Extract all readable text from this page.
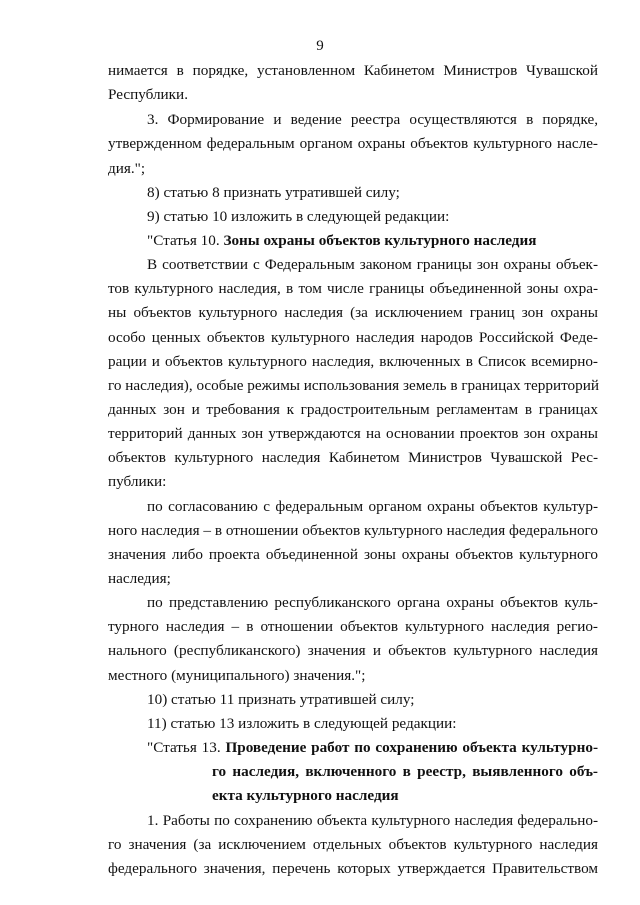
9
нимается в порядке, установленном Кабинетом Министров Чувашской
Республики.
3. Формирование и ведение реестра осуществляются в порядке,
утвержденном федеральным органом охраны объектов культурного насле-
дия.";
8) статью 8 признать утратившей силу;
9) статью 10 изложить в следующей редакции:
"Статья 10. Зоны охраны объектов культурного наследия
В соответствии с Федеральным законом границы зон охраны объек-
тов культурного наследия, в том числе границы объединенной зоны охра-
ны объектов культурного наследия (за исключением границ зон охраны
особо ценных объектов культурного наследия народов Российской Феде-
рации и объектов культурного наследия, включенных в Список всемирно-
го наследия), особые режимы использования земель в границах территорий
данных зон и требования к градостроительным регламентам в границах
территорий данных зон утверждаются на основании проектов зон охраны
объектов культурного наследия Кабинетом Министров Чувашской Рес-
публики:
по согласованию с федеральным органом охраны объектов культур-
ного наследия – в отношении объектов культурного наследия федерального
значения либо проекта объединенной зоны охраны объектов культурного
наследия;
по представлению республиканского органа охраны объектов куль-
турного наследия – в отношении объектов культурного наследия регио-
нального (республиканского) значения и объектов культурного наследия
местного (муниципального) значения.";
10) статью 11 признать утратившей силу;
11) статью 13 изложить в следующей редакции:
"Статья 13. Проведение работ по сохранению объекта культурно-
го наследия, включенного в реестр, выявленного объ-
екта культурного наследия
1. Работы по сохранению объекта культурного наследия федерально-
го значения (за исключением отдельных объектов культурного наследия
федерального значения, перечень которых утверждается Правительством
